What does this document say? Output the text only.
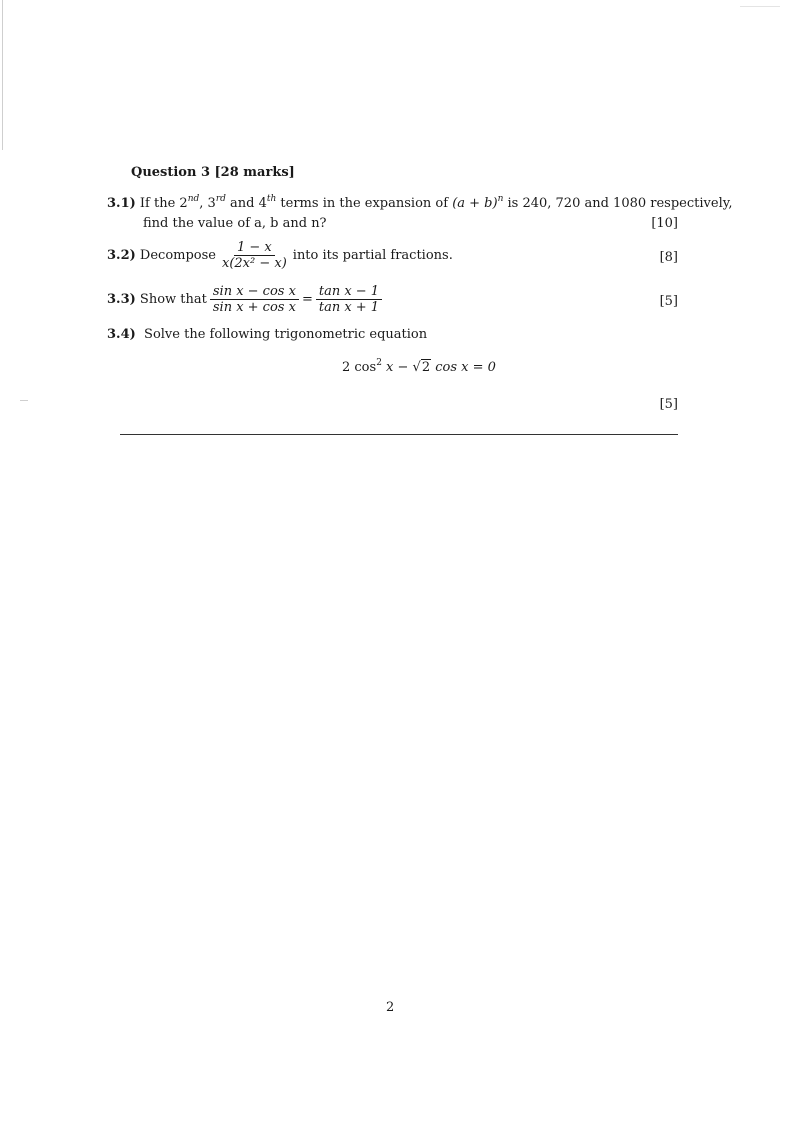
Question 3 [28 marks]
3.1)
If the 2nd, 3rd and 4th terms in the expansion of $(a + b)^n$ is 240, 720 and 1080 respectively,
find the value of a, b and n?	[10]
3.2)
Decompose $\frac{1 - x}{\text{x(2x² − x)}}$ into its partial fractions.	[8]
3.3)
Show that $\frac{\text{sin x − cos x}}{\text{sin x + cos x}} = \frac{\text{tan x − 1}}{\text{tan x + 1}}$	[5]
3.4) Solve the following trigonometric equation
2 $\cos^2 x - √2$ cos x = 0
[5]
2
